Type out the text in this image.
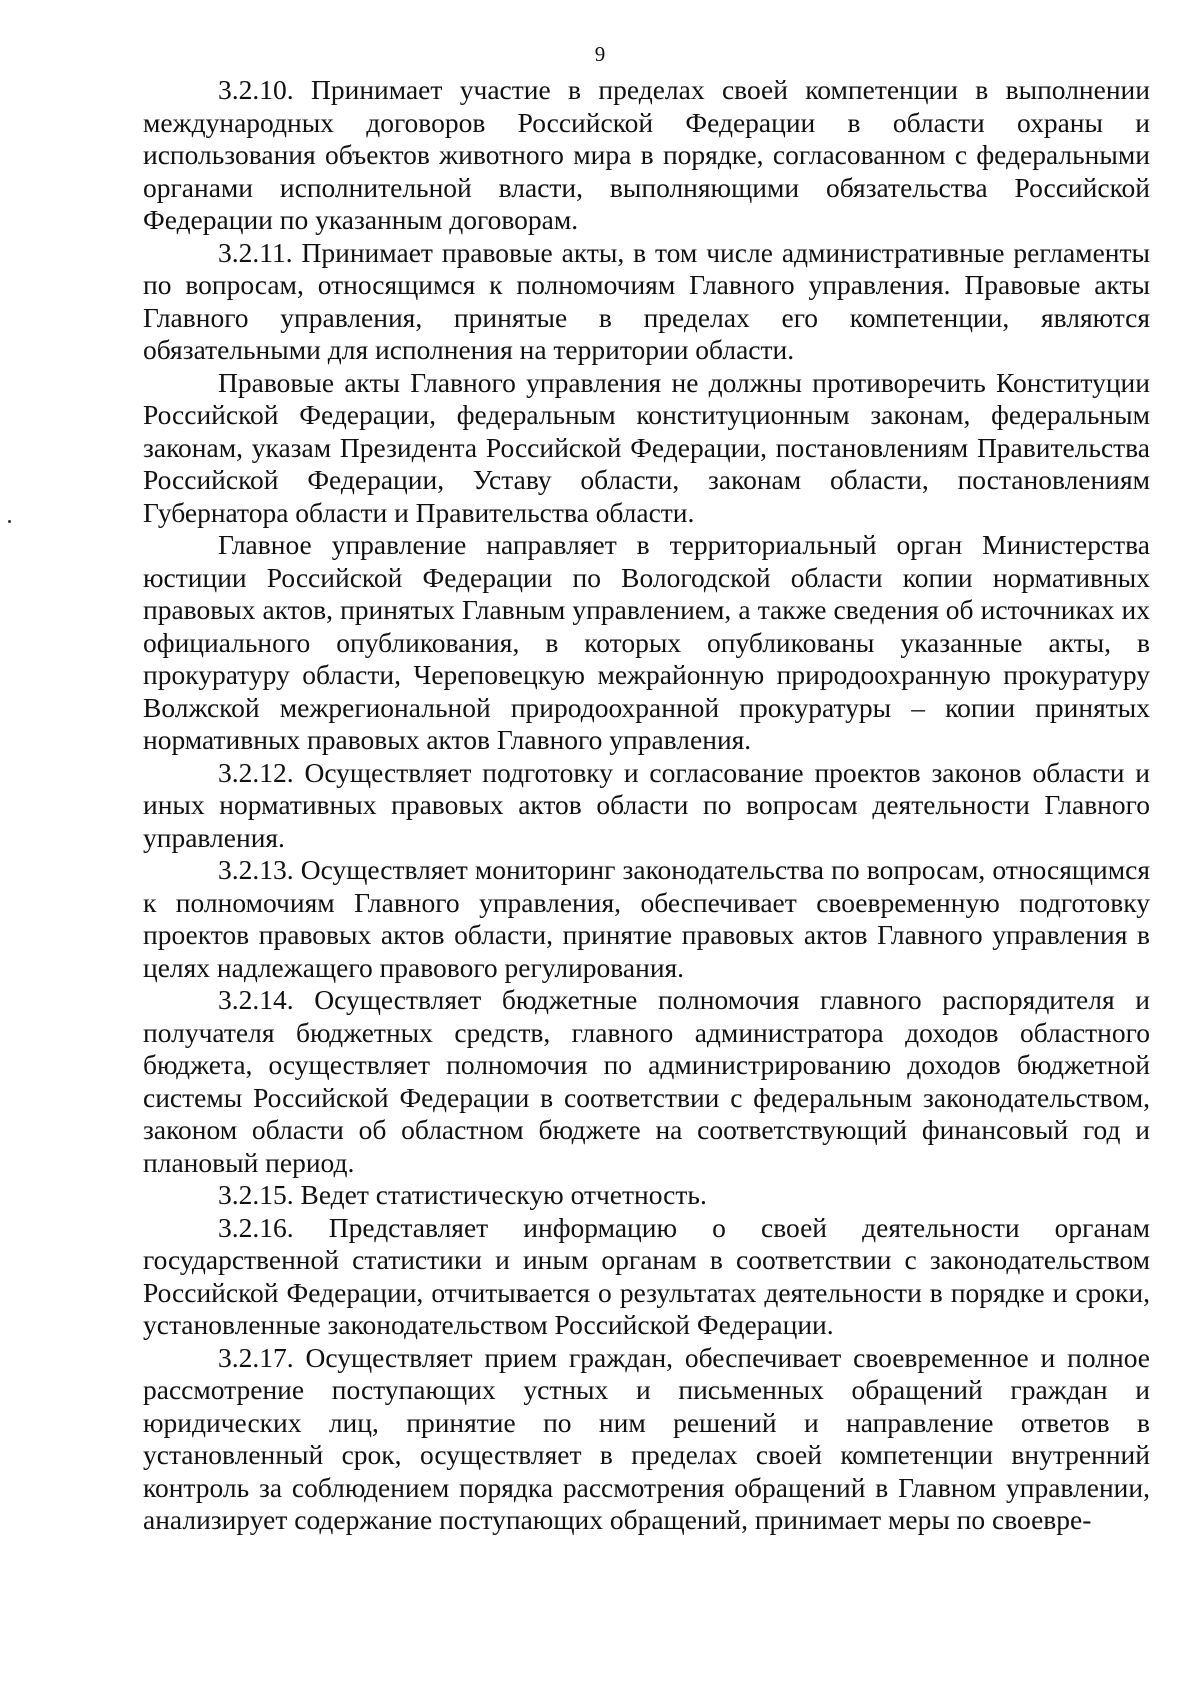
9

3.2.10. Принимает участие в пределах своей компетенции в выполнении международных договоров Российской Федерации в области охраны и использования объектов животного мира в порядке, согласованном с федеральными органами исполнительной власти, выполняющими обязательства Российской Федерации по указанным договорам.

3.2.11. Принимает правовые акты, в том числе административные регламенты по вопросам, относящимся к полномочиям Главного управления. Правовые акты Главного управления, принятые в пределах его компетенции, являются обязательными для исполнения на территории области.

Правовые акты Главного управления не должны противоречить Конституции Российской Федерации, федеральным конституционным законам, федеральным законам, указам Президента Российской Федерации, постановлениям Правительства Российской Федерации, Уставу области, законам области, постановлениям Губернатора области и Правительства области.

Главное управление направляет в территориальный орган Министерства юстиции Российской Федерации по Вологодской области копии нормативных правовых актов, принятых Главным управлением, а также сведения об источниках их официального опубликования, в которых опубликованы указанные акты, в прокуратуру области, Череповецкую межрайонную природоохранную прокуратуру Волжской межрегиональной природоохранной прокуратуры – копии принятых нормативных правовых актов Главного управления.

3.2.12. Осуществляет подготовку и согласование проектов законов области и иных нормативных правовых актов области по вопросам деятельности Главного управления.

3.2.13. Осуществляет мониторинг законодательства по вопросам, относящимся к полномочиям Главного управления, обеспечивает своевременную подготовку проектов правовых актов области, принятие правовых актов Главного управления в целях надлежащего правового регулирования.

3.2.14. Осуществляет бюджетные полномочия главного распорядителя и получателя бюджетных средств, главного администратора доходов областного бюджета, осуществляет полномочия по администрированию доходов бюджетной системы Российской Федерации в соответствии с федеральным законодательством, законом области об областном бюджете на соответствующий финансовый год и плановый период.

3.2.15. Ведет статистическую отчетность.

3.2.16. Представляет информацию о своей деятельности органам государственной статистики и иным органам в соответствии с законодательством Российской Федерации, отчитывается о результатах деятельности в порядке и сроки, установленные законодательством Российской Федерации.

3.2.17. Осуществляет прием граждан, обеспечивает своевременное и полное рассмотрение поступающих устных и письменных обращений граждан и юридических лиц, принятие по ним решений и направление ответов в установленный срок, осуществляет в пределах своей компетенции внутренний контроль за соблюдением порядка рассмотрения обращений в Главном управлении, анализирует содержание поступающих обращений, принимает меры по своевре-
